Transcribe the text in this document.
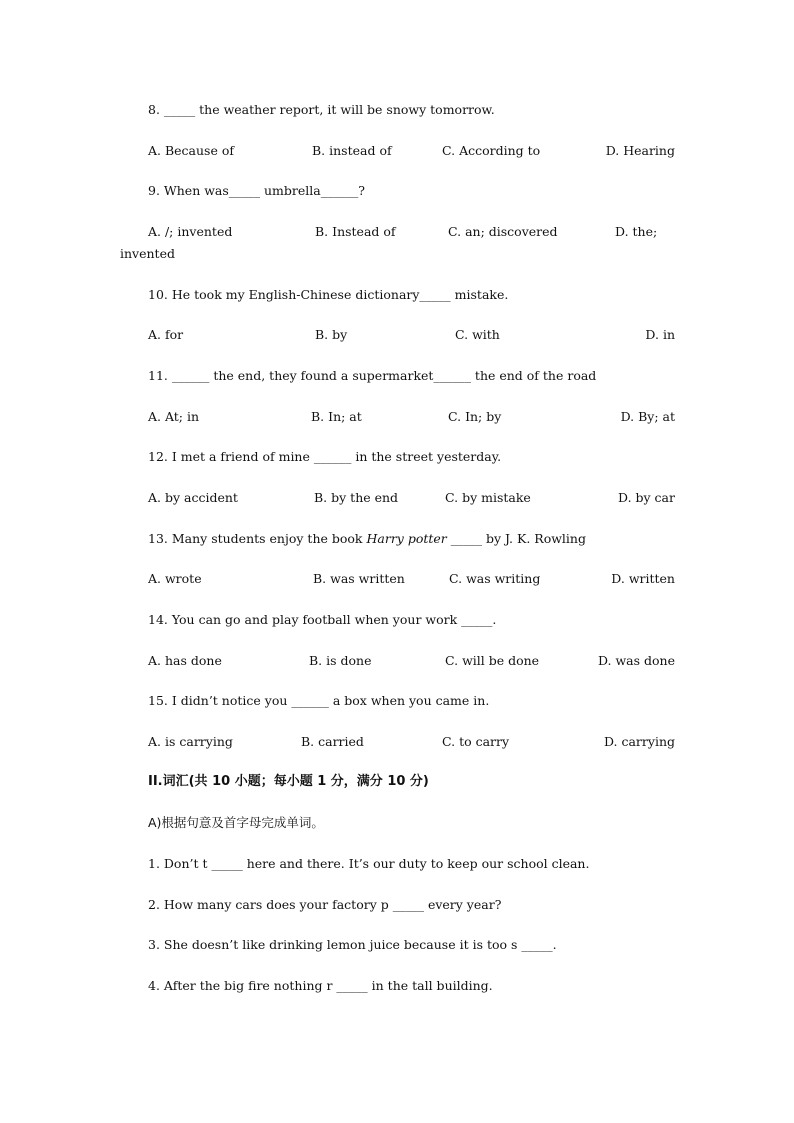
8. _____ the weather report, it will be snowy tomorrow.
A. Because of	B. instead of	C. According to	D. Hearing
9. When was_____ umbrella______?
A. /; invented	B. Instead of	C. an; discovered	D. the;
invented
10. He took my English-Chinese dictionary_____ mistake.
A. for	B. by	C. with	D. in
11. ______ the end, they found a supermarket______ the end of the road
A. At; in	B. In; at	C. In; by	D. By; at
12. I met a friend of mine ______ in the street yesterday.
A. by accident	B. by the end	C. by mistake	D. by car
13. Many students enjoy the book Harry potter _____ by J. K. Rowling
A. wrote	B. was written	C. was writing	D. written
14. You can go and play football when your work _____.
A. has done	B. is done	C. will be done	D. was done
15. I didn’t notice you ______ a box when you came in.
A. is carrying	B. carried	C. to carry	D. carrying
II.词汇(共 10 小题；每小题 1 分，满分 10 分)
A)根据句意及首字母完成单词。
1. Don’t t _____ here and there. It’s our duty to keep our school clean.
2. How many cars does your factory p _____ every year?
3. She doesn’t like drinking lemon juice because it is too s _____.
4. After the big fire nothing r _____ in the tall building.
